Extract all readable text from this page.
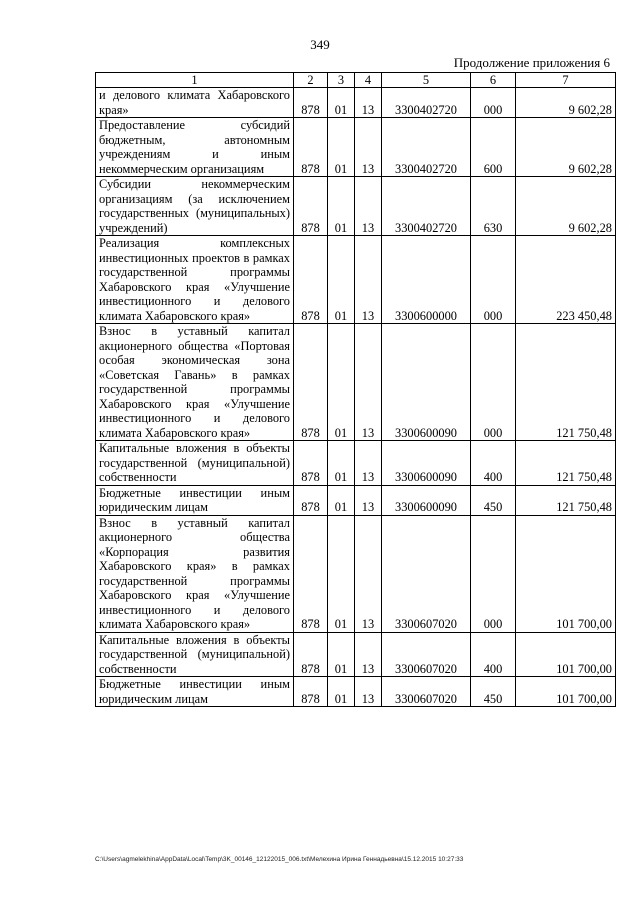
349
Продолжение приложения 6
1	2	3	4	5	6	7
и делового климата Хабаровского края»	878	01	13	3300402720	000	9 602,28
Предоставление субсидий бюджетным, автономным учреждениям и иным некоммерческим организациям	878	01	13	3300402720	600	9 602,28
Субсидии некоммерческим организациям (за исключением государственных (муниципальных) учреждений)	878	01	13	3300402720	630	9 602,28
Реализация комплексных инвестиционных проектов в рамках государственной программы Хабаровского края «Улучшение инвестиционного и делового климата Хабаровского края»	878	01	13	3300600000	000	223 450,48
Взнос в уставный капитал акционерного общества «Портовая особая экономическая зона «Советская Гавань» в рамках государственной программы Хабаровского края «Улучшение инвестиционного и делового климата Хабаровского края»	878	01	13	3300600090	000	121 750,48
Капитальные вложения в объекты государственной (муниципальной) собственности	878	01	13	3300600090	400	121 750,48
Бюджетные инвестиции иным юридическим лицам	878	01	13	3300600090	450	121 750,48
Взнос в уставный капитал акционерного общества «Корпорация развития Хабаровского края» в рамках государственной программы Хабаровского края «Улучшение инвестиционного и делового климата Хабаровского края»	878	01	13	3300607020	000	101 700,00
Капитальные вложения в объекты государственной (муниципальной) собственности	878	01	13	3300607020	400	101 700,00
Бюджетные инвестиции иным юридическим лицам	878	01	13	3300607020	450	101 700,00
C:\Users\agmelekhina\AppData\Local\Temp\3K_00146_12122015_006.txt\Мелехина Ирина Геннадьевна\15.12.2015 10:27:33
